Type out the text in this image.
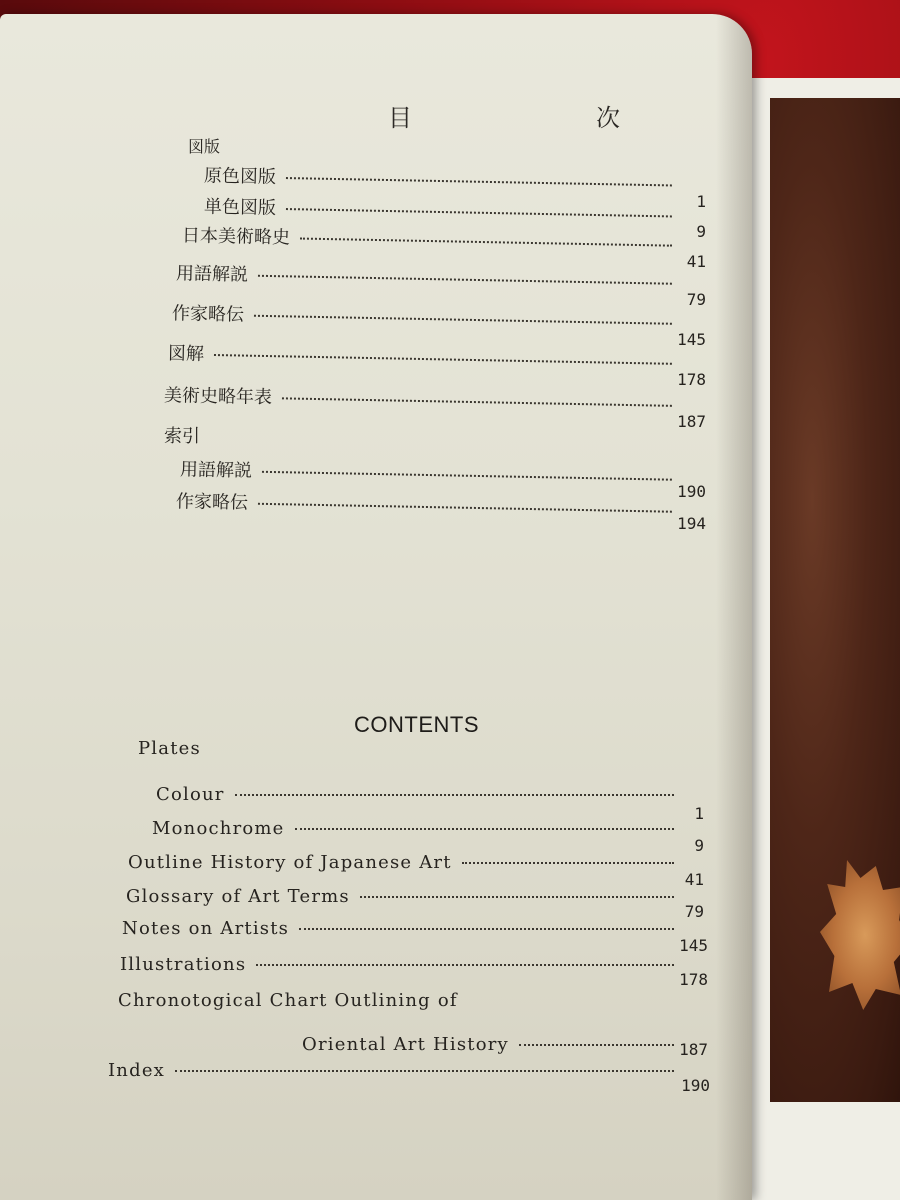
目　次
図版
原色図版
1
単色図版
9
日本美術略史
41
用語解説
79
作家略伝
145
図解
178
美術史略年表
187
索引
用語解説
190
作家略伝
194
CONTENTS
Plates
Colour
1
Monochrome
9
Outline History of Japanese Art
41
Glossary of Art Terms
79
Notes on Artists
145
Illustrations
178
Chronotogical Chart Outlining of
Oriental Art History	187
Index
190
